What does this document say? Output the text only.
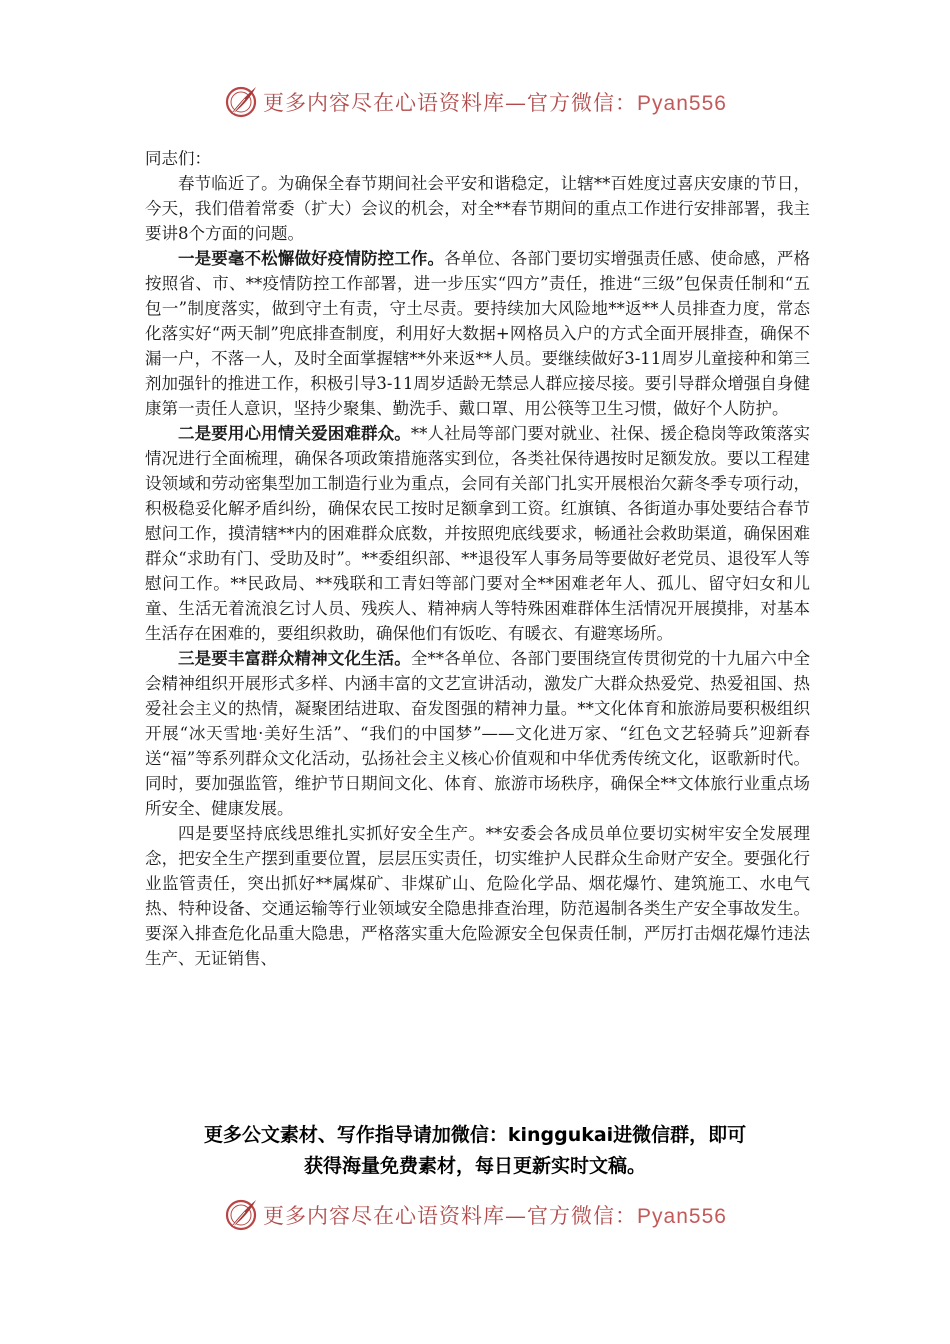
更多内容尽在心语资料库—官方微信：Pyan556

同志们：

春节临近了。为确保全春节期间社会平安和谐稳定，让辖**百姓度过喜庆安康的节日，今天，我们借着常委（扩大）会议的机会，对全**春节期间的重点工作进行安排部署，我主要讲8个方面的问题。

一是要毫不松懈做好疫情防控工作。各单位、各部门要切实增强责任感、使命感，严格按照省、市、**疫情防控工作部署，进一步压实“四方”责任，推进“三级”包保责任制和“五包一”制度落实，做到守土有责，守土尽责。要持续加大风险地**返**人员排查力度，常态化落实好“两天制”兜底排查制度，利用好大数据+网格员入户的方式全面开展排查，确保不漏一户，不落一人，及时全面掌握辖**外来返**人员。要继续做好3-11周岁儿童接种和第三剂加强针的推进工作，积极引导3-11周岁适龄无禁忌人群应接尽接。要引导群众增强自身健康第一责任人意识，坚持少聚集、勤洗手、戴口罩、用公筷等卫生习惯，做好个人防护。

二是要用心用情关爱困难群众。**人社局等部门要对就业、社保、援企稳岗等政策落实情况进行全面梳理，确保各项政策措施落实到位，各类社保待遇按时足额发放。要以工程建设领域和劳动密集型加工制造行业为重点，会同有关部门扎实开展根治欠薪冬季专项行动，积极稳妥化解矛盾纠纷，确保农民工按时足额拿到工资。红旗镇、各街道办事处要结合春节慰问工作，摸清辖**内的困难群众底数，并按照兜底线要求，畅通社会救助渠道，确保困难群众“求助有门、受助及时”。**委组织部、**退役军人事务局等要做好老党员、退役军人等慰问工作。**民政局、**残联和工青妇等部门要对全**困难老年人、孤儿、留守妇女和儿童、生活无着流浪乞讨人员、残疾人、精神病人等特殊困难群体生活情况开展摸排，对基本生活存在困难的，要组织救助，确保他们有饭吃、有暖衣、有避寒场所。

三是要丰富群众精神文化生活。全**各单位、各部门要围绕宣传贯彻党的十九届六中全会精神组织开展形式多样、内涵丰富的文艺宣讲活动，激发广大群众热爱党、热爱祖国、热爱社会主义的热情，凝聚团结进取、奋发图强的精神力量。**文化体育和旅游局要积极组织开展“冰天雪地·美好生活”、“我们的中国梦”——文化进万家、“红色文艺轻骑兵”迎新春送“福”等系列群众文化活动，弘扬社会主义核心价值观和中华优秀传统文化，讴歌新时代。同时，要加强监管，维护节日期间文化、体育、旅游市场秩序，确保全**文体旅行业重点场所安全、健康发展。

四是要坚持底线思维扎实抓好安全生产。**安委会各成员单位要切实树牢安全发展理念，把安全生产摆到重要位置，层层压实责任，切实维护人民群众生命财产安全。要强化行业监管责任，突出抓好**属煤矿、非煤矿山、危险化学品、烟花爆竹、建筑施工、水电气热、特种设备、交通运输等行业领域安全隐患排查治理，防范遏制各类生产安全事故发生。要深入排查危化品重大隐患，严格落实重大危险源安全包保责任制，严厉打击烟花爆竹违法生产、无证销售、

更多公文素材、写作指导请加微信：kinggukai进微信群，即可
获得海量免费素材，每日更新实时文稿。
更多内容尽在心语资料库—官方微信：Pyan556
